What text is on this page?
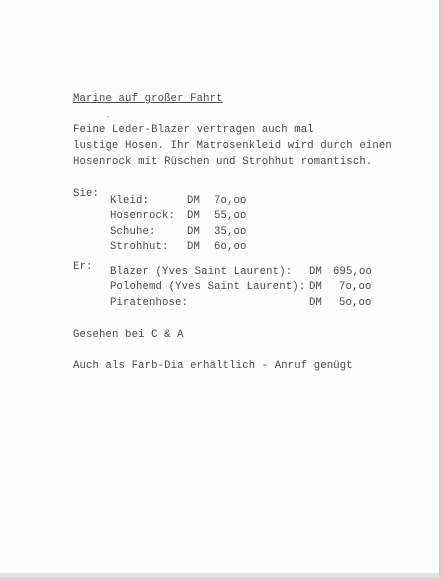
Marine auf großer Fahrt
Feine Leder-Blazer vertragen auch mal
lustige Hosen. Ihr Matrosenkleid wird durch einen
Hosenrock mit Rüschen und Strohhut romantisch.
Sie:
Kleid:	DM 7o,oo
Hosenrock: DM 55,oo
Schuhe:	DM 35,oo
Strohhut: DM 6o,oo
Er: Blazer (Yves Saint Laurent): DM 695,oo
Polohemd (Yves Saint Laurent): DM 7o,oo
Piratenhose:	DM 5o,oo
Gesehen bei C & A
Auch als Farb-Dia erhältlich - Anruf genügt
